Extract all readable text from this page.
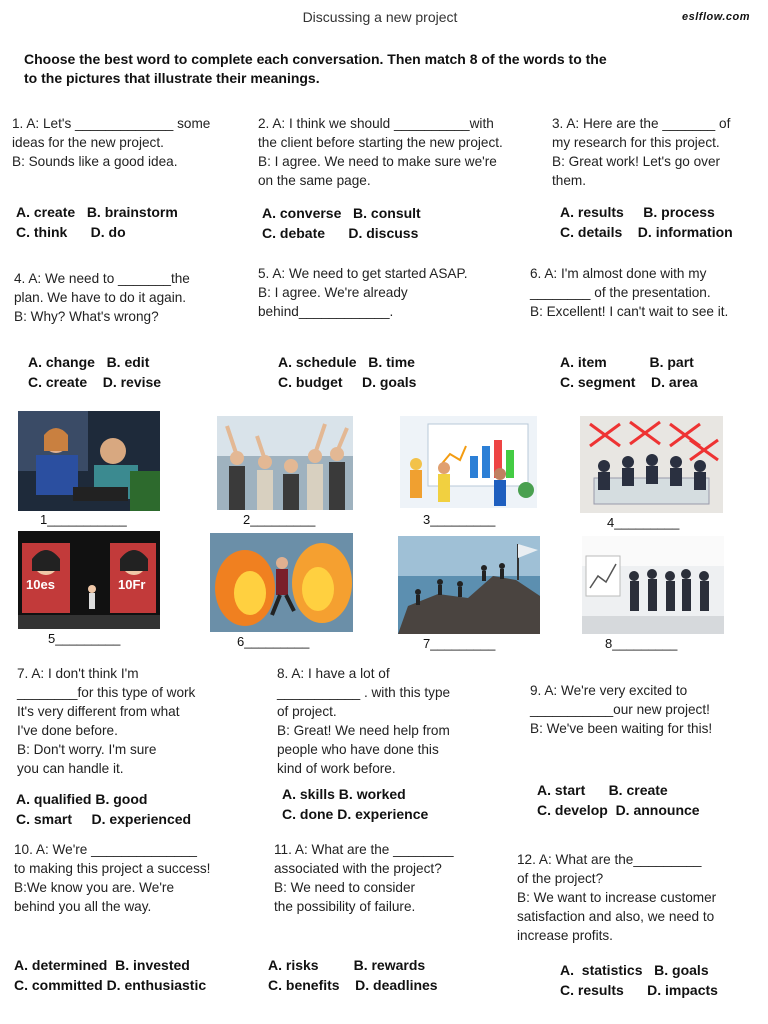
Discussing a new project	eslflow.com
Choose the best word to complete each conversation. Then match 8 of the words to the
to the pictures that illustrate their meanings.
1. A: Let's _____________ some
ideas for the new project.
B: Sounds like a good idea.
A. create   B. brainstorm
C. think      D. do
2. A: I think we should __________with
the client before starting the new project.
B: I agree. We need to make sure we're
on the same page.
A. converse   B. consult
C. debate      D. discuss
3. A: Here are the _______ of
my research for this project.
B: Great work! Let's go over
them.
A. results     B. process
C. details    D. information
4. A: We need to _______the
plan. We have to do it again.
B: Why? What's wrong?
A. change   B. edit
C. create    D. revise
5. A: We need to get started ASAP.
B: I agree. We're already
behind____________.
A. schedule   B. time
C. budget     D. goals
6. A: I'm almost done with my
________ of the presentation.
B: Excellent! I can't wait to see it.
A. item           B. part
C. segment    D. area
1___________	2_________	3_________	4_________
10es	10Fr
5_________	6_________	7_________	8_________
7. A: I don't think I'm
________for this type of work
It's very different from what
I've done before.
B: Don't worry. I'm sure
you can handle it.
A. qualified B. good
C. smart     D. experienced
8. A: I have a lot of
___________ . with this type
of project.
B: Great! We need help from
people who have done this
kind of work before.
A. skills B. worked
C. done D. experience
9. A: We're very excited to
___________our new project!
B: We've been waiting for this!
A. start      B. create
C. develop  D. announce
10. A: We're ______________
to making this project a success!
B:We know you are. We're
behind you all the way.
A. determined  B. invested
C. committed D. enthusiastic
11. A: What are the ________
associated with the project?
B: We need to consider
the possibility of failure.
A. risks         B. rewards
C. benefits    D. deadlines
12. A: What are the_________
of the project?
B: We want to increase customer
satisfaction and also, we need to
increase profits.
A.  statistics   B. goals
C. results      D. impacts
